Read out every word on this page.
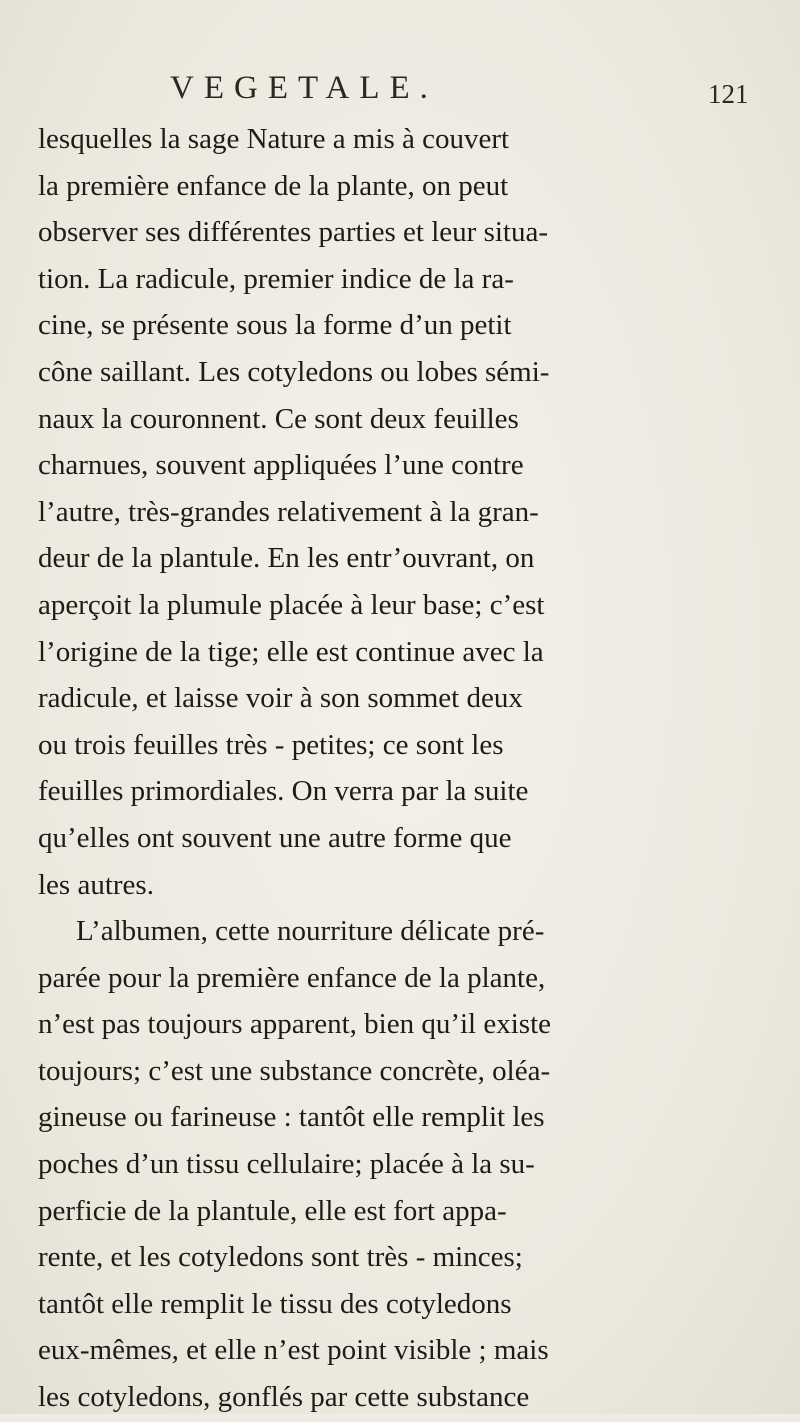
VEGETALE.	121
lesquelles la sage Nature a mis à couvert
la première enfance de la plante, on peut
observer ses différentes parties et leur situa-
tion. La radicule, premier indice de la ra-
cine, se présente sous la forme d’un petit
cône saillant. Les cotyledons ou lobes sémi-
naux la couronnent. Ce sont deux feuilles
charnues, souvent appliquées l’une contre
l’autre, très-grandes relativement à la gran-
deur de la plantule. En les entr’ouvrant, on
aperçoit la plumule placée à leur base; c’est
l’origine de la tige; elle est continue avec la
radicule, et laisse voir à son sommet deux
ou trois feuilles très - petites; ce sont les
feuilles primordiales. On verra par la suite
qu’elles ont souvent une autre forme que
les autres.
L’albumen, cette nourriture délicate pré-
parée pour la première enfance de la plante,
n’est pas toujours apparent, bien qu’il existe
toujours; c’est une substance concrète, oléa-
gineuse ou farineuse : tantôt elle remplit les
poches d’un tissu cellulaire; placée à la su-
perficie de la plantule, elle est fort appa-
rente, et les cotyledons sont très - minces;
tantôt elle remplit le tissu des cotyledons
eux-mêmes, et elle n’est point visible ; mais
les cotyledons, gonflés par cette substance
